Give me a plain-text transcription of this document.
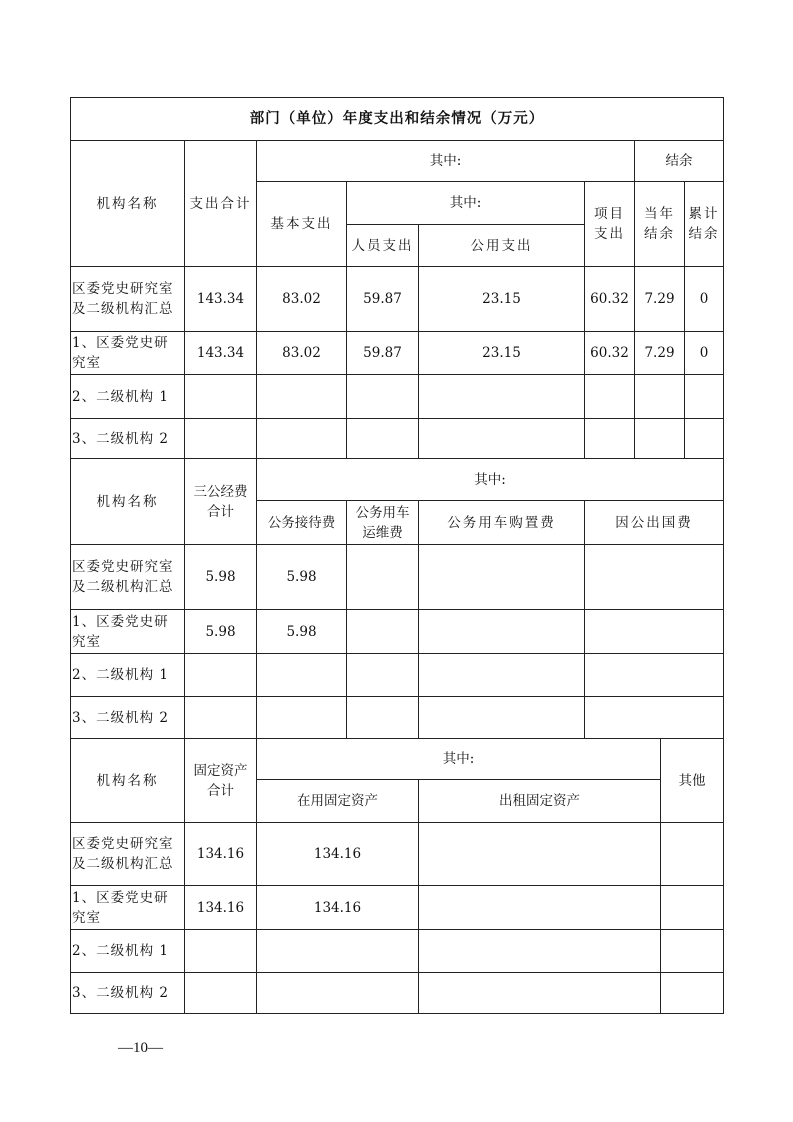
部门（单位）年度支出和结余情况（万元）								
机构名称	支出合计	其中:				结余		
		基本支出	其中:		项目支出	当年结余		累计结余
			人员支出	公用支出				
区委党史研究室及二级机构汇总	143.34	83.02	59.87	23.15	60.32	7.29		0
1、区委党史研究室	143.34	83.02	59.87	23.15	60.32	7.29		0
2、二级机构 1								
3、二级机构 2								
机构名称	三公经费合计	其中:						
		公务接待费	公务用车运维费	公务用车购置费	因公出国费			
区委党史研究室及二级机构汇总	5.98	5.98						
1、区委党史研究室	5.98	5.98						
2、二级机构 1								
3、二级机构 2								
机构名称	固定资产合计	其中:					其他	
		在用固定资产		出租固定资产				
区委党史研究室及二级机构汇总	134.16	134.16						
1、区委党史研究室	134.16	134.16						
2、二级机构 1								
3、二级机构 2								
—10—
